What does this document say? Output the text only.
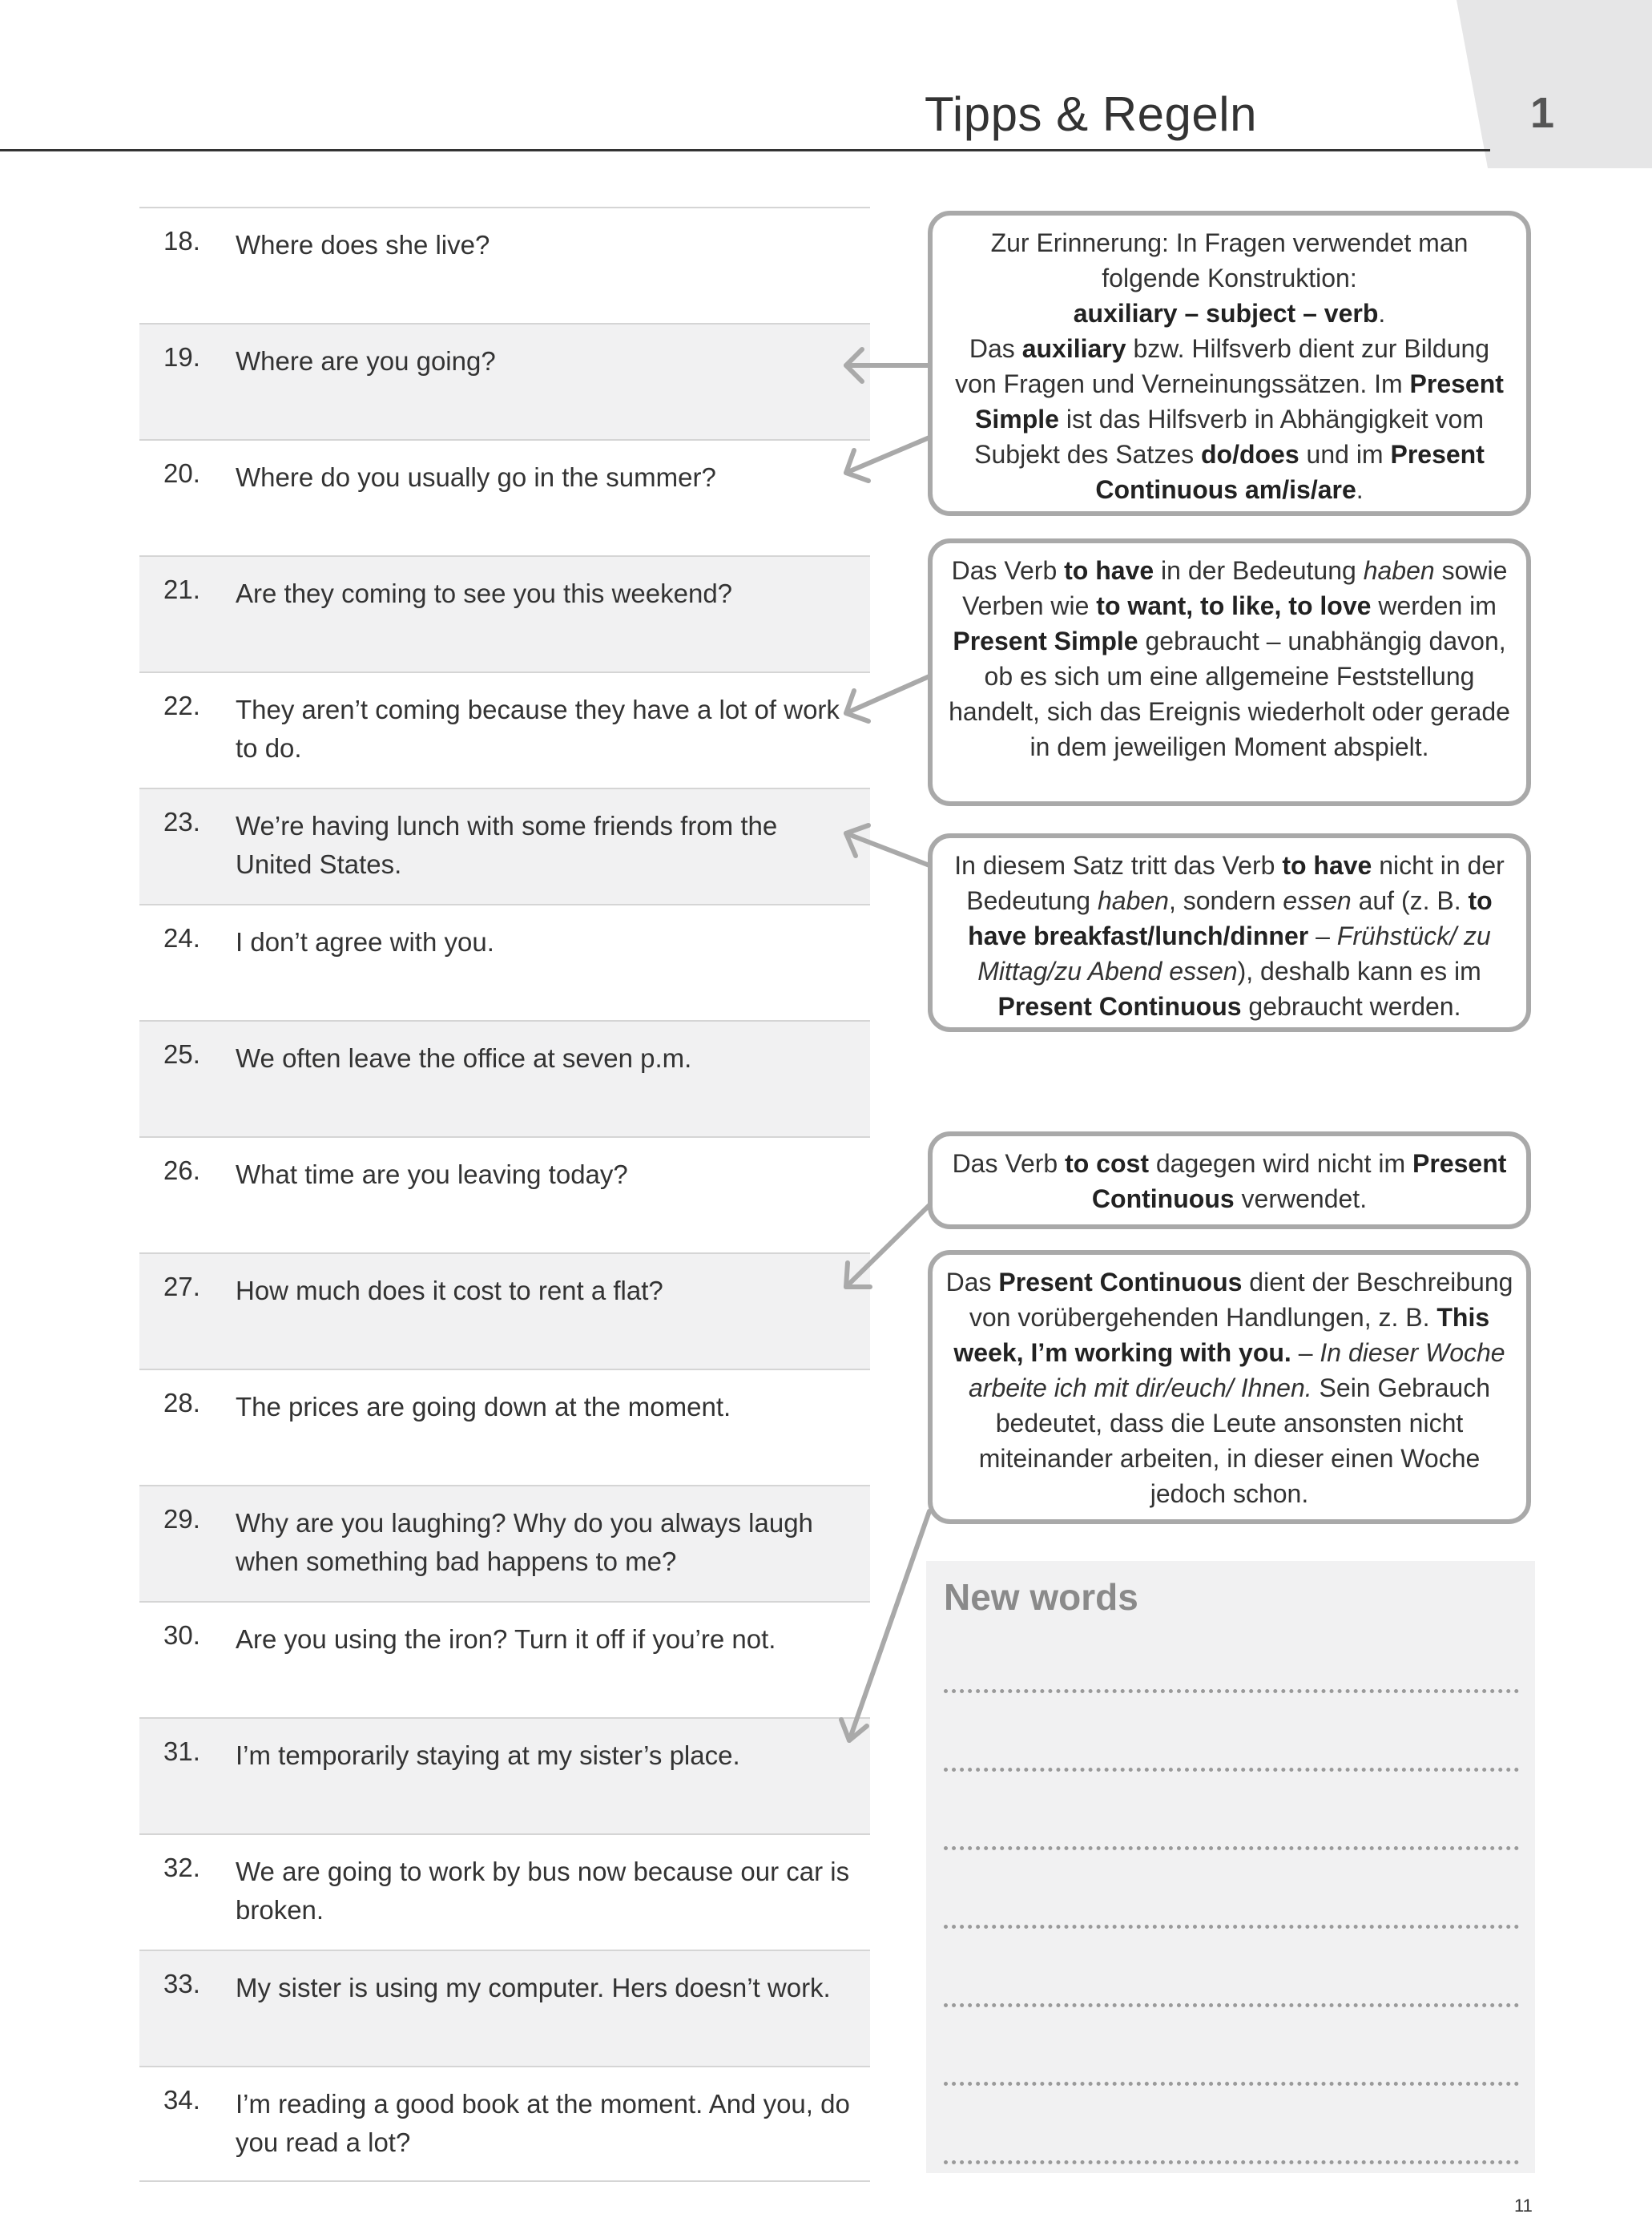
Tipps & Regeln	1
18.	Where does she live?
19.	Where are you going?
20.	Where do you usually go in the summer?
21.	Are they coming to see you this weekend?
22.	They aren’t coming because they have a lot of work to do.
23.	We’re having lunch with some friends from the United States.
24.	I don’t agree with you.
25.	We often leave the office at seven p.m.
26.	What time are you leaving today?
27.	How much does it cost to rent a flat?
28.	The prices are going down at the moment.
29.	Why are you laughing? Why do you always laugh when something bad happens to me?
30.	Are you using the iron? Turn it off if you’re not.
31.	I’m temporarily staying at my sister’s place.
32.	We are going to work by bus now because our car is broken.
33.	My sister is using my computer. Hers doesn’t work.
34.	I’m reading a good book at the moment. And you, do you read a lot?
Zur Erinnerung: In Fragen verwendet man folgende Konstruktion:
auxiliary – subject – verb.
Das auxiliary bzw. Hilfsverb dient zur Bildung von Fragen und Verneinungssätzen. Im Present Simple ist das Hilfsverb in Abhängigkeit vom Subjekt des Satzes do/does und im Present Continuous am/is/are.
Das Verb to have in der Bedeutung haben sowie Verben wie to want, to like, to love werden im Present Simple gebraucht – unabhängig davon, ob es sich um eine allgemeine Feststellung handelt, sich das Ereignis wiederholt oder gerade in dem jeweiligen Moment abspielt.
In diesem Satz tritt das Verb to have nicht in der Bedeutung haben, sondern essen auf (z. B. to have breakfast/lunch/dinner – Frühstück/ zu Mittag/zu Abend essen), deshalb kann es im Present Continuous gebraucht werden.
Das Verb to cost dagegen wird nicht im Present Continuous verwendet.
Das Present Continuous dient der Beschreibung von vorübergehenden Handlungen, z. B. This week, I’m working with you. – In dieser Woche arbeite ich mit dir/euch/ Ihnen. Sein Gebrauch bedeutet, dass die Leute ansonsten nicht miteinander arbeiten, in dieser einen Woche jedoch schon.
New words
11
